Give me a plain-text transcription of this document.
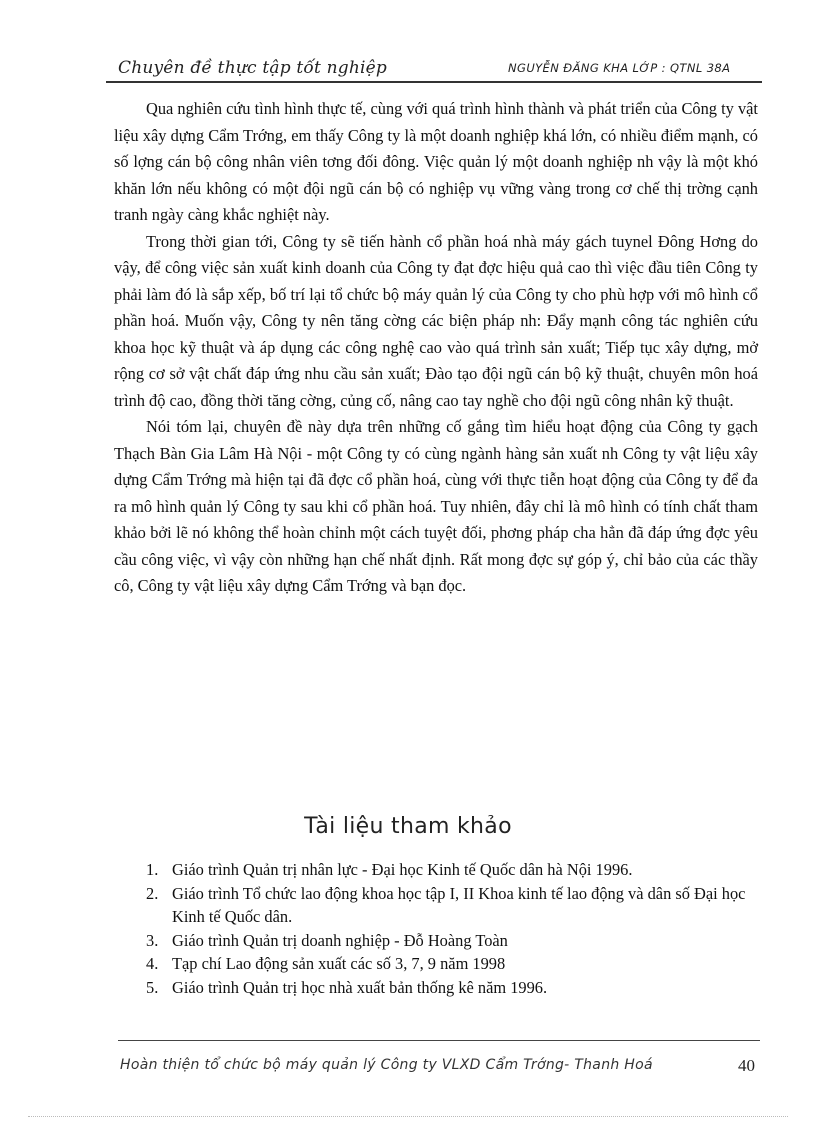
Chuyên đề thực tập tốt nghiệp	NGUYỄN ĐĂNG KHA LỚP : QTNL 38A

Qua nghiên cứu tình hình thực tế, cùng với quá trình hình thành và phát triển của Công ty vật liệu xây dựng Cẩm Trớng, em thấy Công ty là một doanh nghiệp khá lớn, có nhiều điểm mạnh, có số lợng cán bộ công nhân viên tơng đối đông. Việc quản lý một doanh nghiệp nh vậy là một khó khăn lớn nếu không có một đội ngũ cán bộ có nghiệp vụ vững vàng trong cơ chế thị trờng cạnh tranh ngày càng khắc nghiệt này.

Trong thời gian tới, Công ty sẽ tiến hành cổ phần hoá nhà máy gách tuynel Đông Hơng do vậy, để công việc sản xuất kinh doanh của Công ty đạt đợc hiệu quả cao thì việc đầu tiên Công ty phải làm đó là sắp xếp, bố trí lại tổ chức bộ máy quản lý của Công ty cho phù hợp với mô hình cổ phần hoá. Muốn vậy, Công ty nên tăng cờng các biện pháp nh: Đẩy mạnh công tác nghiên cứu khoa học kỹ thuật và áp dụng các công nghệ cao vào quá trình sản xuất; Tiếp tục xây dựng, mở rộng cơ sở vật chất đáp ứng nhu cầu sản xuất; Đào tạo đội ngũ cán bộ kỹ thuật, chuyên môn hoá trình độ cao, đồng thời tăng cờng, củng cố, nâng cao tay nghề cho đội ngũ công nhân kỹ thuật.

Nói tóm lại, chuyên đề này dựa trên những cố gắng tìm hiểu hoạt động của Công ty gạch Thạch Bàn Gia Lâm Hà Nội - một Công ty có cùng ngành hàng sản xuất nh Công ty vật liệu xây dựng Cẩm Trớng mà hiện tại đã đợc cổ phần hoá, cùng với thực tiễn hoạt động của Công ty để đa ra mô hình quản lý Công ty sau khi cổ phần hoá. Tuy nhiên, đây chỉ là mô hình có tính chất tham khảo bởi lẽ nó không thể hoàn chỉnh một cách tuyệt đối, phơng pháp cha hẳn đã đáp ứng đợc yêu cầu công việc, vì vậy còn những hạn chế nhất định. Rất mong đợc sự góp ý, chỉ bảo của các thầy cô, Công ty vật liệu xây dựng Cẩm Trớng và bạn đọc.

Tài liệu tham khảo
1. Giáo trình Quản trị nhân lực - Đại học Kinh tế Quốc dân hà Nội 1996.
2. Giáo trình Tổ chức lao động khoa học tập I, II Khoa kinh tế lao động và dân số Đại học Kinh tế Quốc dân.
3. Giáo trình Quản trị doanh nghiệp - Đỗ Hoàng Toàn
4. Tạp chí Lao động sản xuất các số 3, 7, 9 năm 1998
5. Giáo trình Quản trị học nhà xuất bản thống kê năm 1996.
Hoàn thiện tổ chức bộ máy quản lý Công ty VLXD Cẩm Trớng- Thanh Hoá	40
